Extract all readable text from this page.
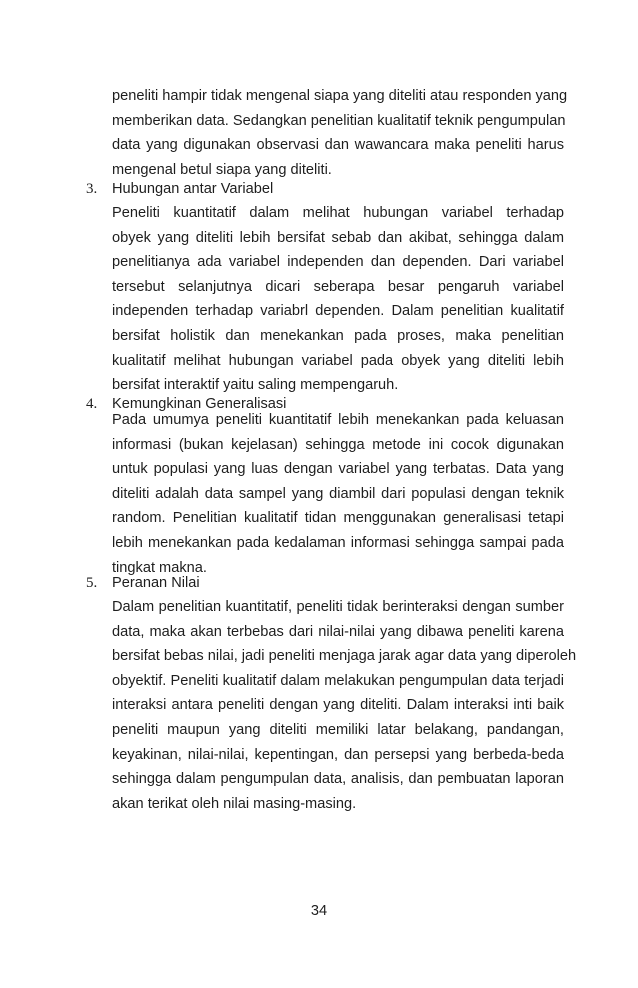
peneliti hampir tidak mengenal siapa yang diteliti atau responden yang
memberikan data. Sedangkan penelitian kualitatif teknik pengumpulan
data yang digunakan observasi dan wawancara maka peneliti harus
mengenal betul siapa yang diteliti.
3. Hubungan antar Variabel
Peneliti kuantitatif dalam melihat hubungan variabel terhadap
obyek yang diteliti lebih bersifat sebab dan akibat, sehingga dalam
penelitianya ada variabel independen dan dependen. Dari variabel
tersebut selanjutnya dicari seberapa besar pengaruh variabel
independen terhadap variabrl dependen. Dalam penelitian kualitatif
bersifat holistik dan menekankan pada proses, maka penelitian
kualitatif melihat hubungan variabel pada obyek yang diteliti lebih
bersifat interaktif yaitu saling mempengaruh.
4. Kemungkinan Generalisasi
Pada umumya peneliti kuantitatif lebih menekankan pada keluasan
informasi (bukan kejelasan) sehingga metode ini cocok digunakan
untuk populasi yang luas dengan variabel yang terbatas. Data yang
diteliti adalah data sampel yang diambil dari populasi dengan teknik
random. Penelitian kualitatif tidan menggunakan generalisasi tetapi
lebih menekankan pada kedalaman informasi sehingga sampai pada
tingkat makna.
5. Peranan Nilai
Dalam penelitian kuantitatif, peneliti tidak berinteraksi dengan sumber
data, maka akan terbebas dari nilai-nilai yang dibawa peneliti karena
bersifat bebas nilai, jadi peneliti menjaga jarak agar data yang diperoleh
obyektif. Peneliti kualitatif dalam melakukan pengumpulan data terjadi
interaksi antara peneliti dengan yang diteliti. Dalam interaksi inti baik
peneliti maupun yang diteliti memiliki latar belakang, pandangan,
keyakinan, nilai-nilai, kepentingan, dan persepsi yang berbeda-beda
sehingga dalam pengumpulan data, analisis, dan pembuatan laporan
akan terikat oleh nilai masing-masing.
34
